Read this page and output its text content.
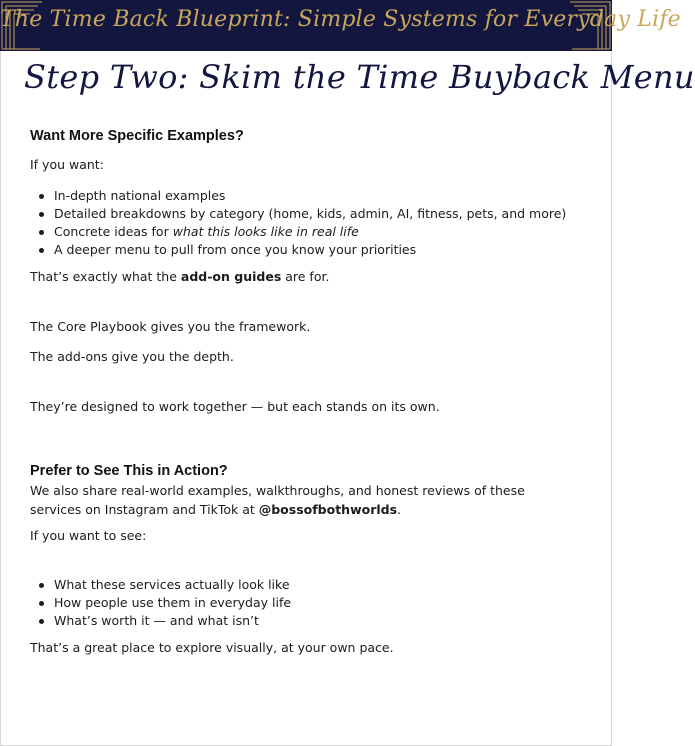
The Time Back Blueprint: Simple Systems for Everyday Life
Step Two: Skim the Time Buyback Menu
Want More Specific Examples?
If you want:
In-depth national examples
Detailed breakdowns by category (home, kids, admin, AI, fitness, pets, and more)
Concrete ideas for what this looks like in real life
A deeper menu to pull from once you know your priorities
That’s exactly what the add-on guides are for.
The Core Playbook gives you the framework.
The add-ons give you the depth.
They’re designed to work together — but each stands on its own.
Prefer to See This in Action?
We also share real-world examples, walkthroughs, and honest reviews of these services on Instagram and TikTok at @bossofbothworlds.
If you want to see:
What these services actually look like
How people use them in everyday life
What’s worth it — and what isn’t
That’s a great place to explore visually, at your own pace.
